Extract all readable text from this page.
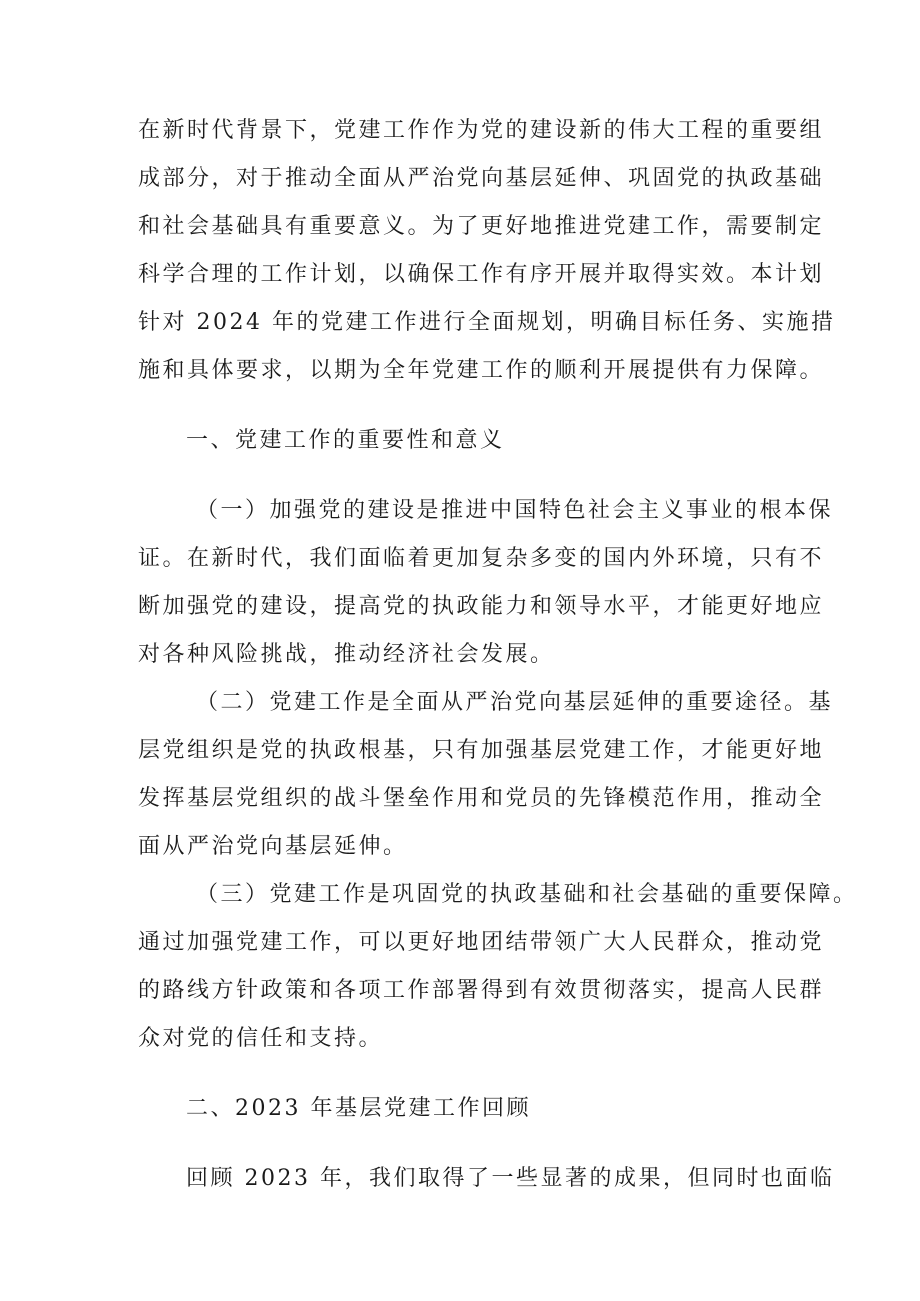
在新时代背景下，党建工作作为党的建设新的伟大工程的重要组
成部分，对于推动全面从严治党向基层延伸、巩固党的执政基础
和社会基础具有重要意义。为了更好地推进党建工作，需要制定
科学合理的工作计划，以确保工作有序开展并取得实效。本计划
针对 2024 年的党建工作进行全面规划，明确目标任务、实施措
施和具体要求，以期为全年党建工作的顺利开展提供有力保障。
一、党建工作的重要性和意义
（一）加强党的建设是推进中国特色社会主义事业的根本保
证。在新时代，我们面临着更加复杂多变的国内外环境，只有不
断加强党的建设，提高党的执政能力和领导水平，才能更好地应
对各种风险挑战，推动经济社会发展。
（二）党建工作是全面从严治党向基层延伸的重要途径。基
层党组织是党的执政根基，只有加强基层党建工作，才能更好地
发挥基层党组织的战斗堡垒作用和党员的先锋模范作用，推动全
面从严治党向基层延伸。
（三）党建工作是巩固党的执政基础和社会基础的重要保障。
通过加强党建工作，可以更好地团结带领广大人民群众，推动党
的路线方针政策和各项工作部署得到有效贯彻落实，提高人民群
众对党的信任和支持。
二、2023 年基层党建工作回顾
回顾 2023 年，我们取得了一些显著的成果，但同时也面临
